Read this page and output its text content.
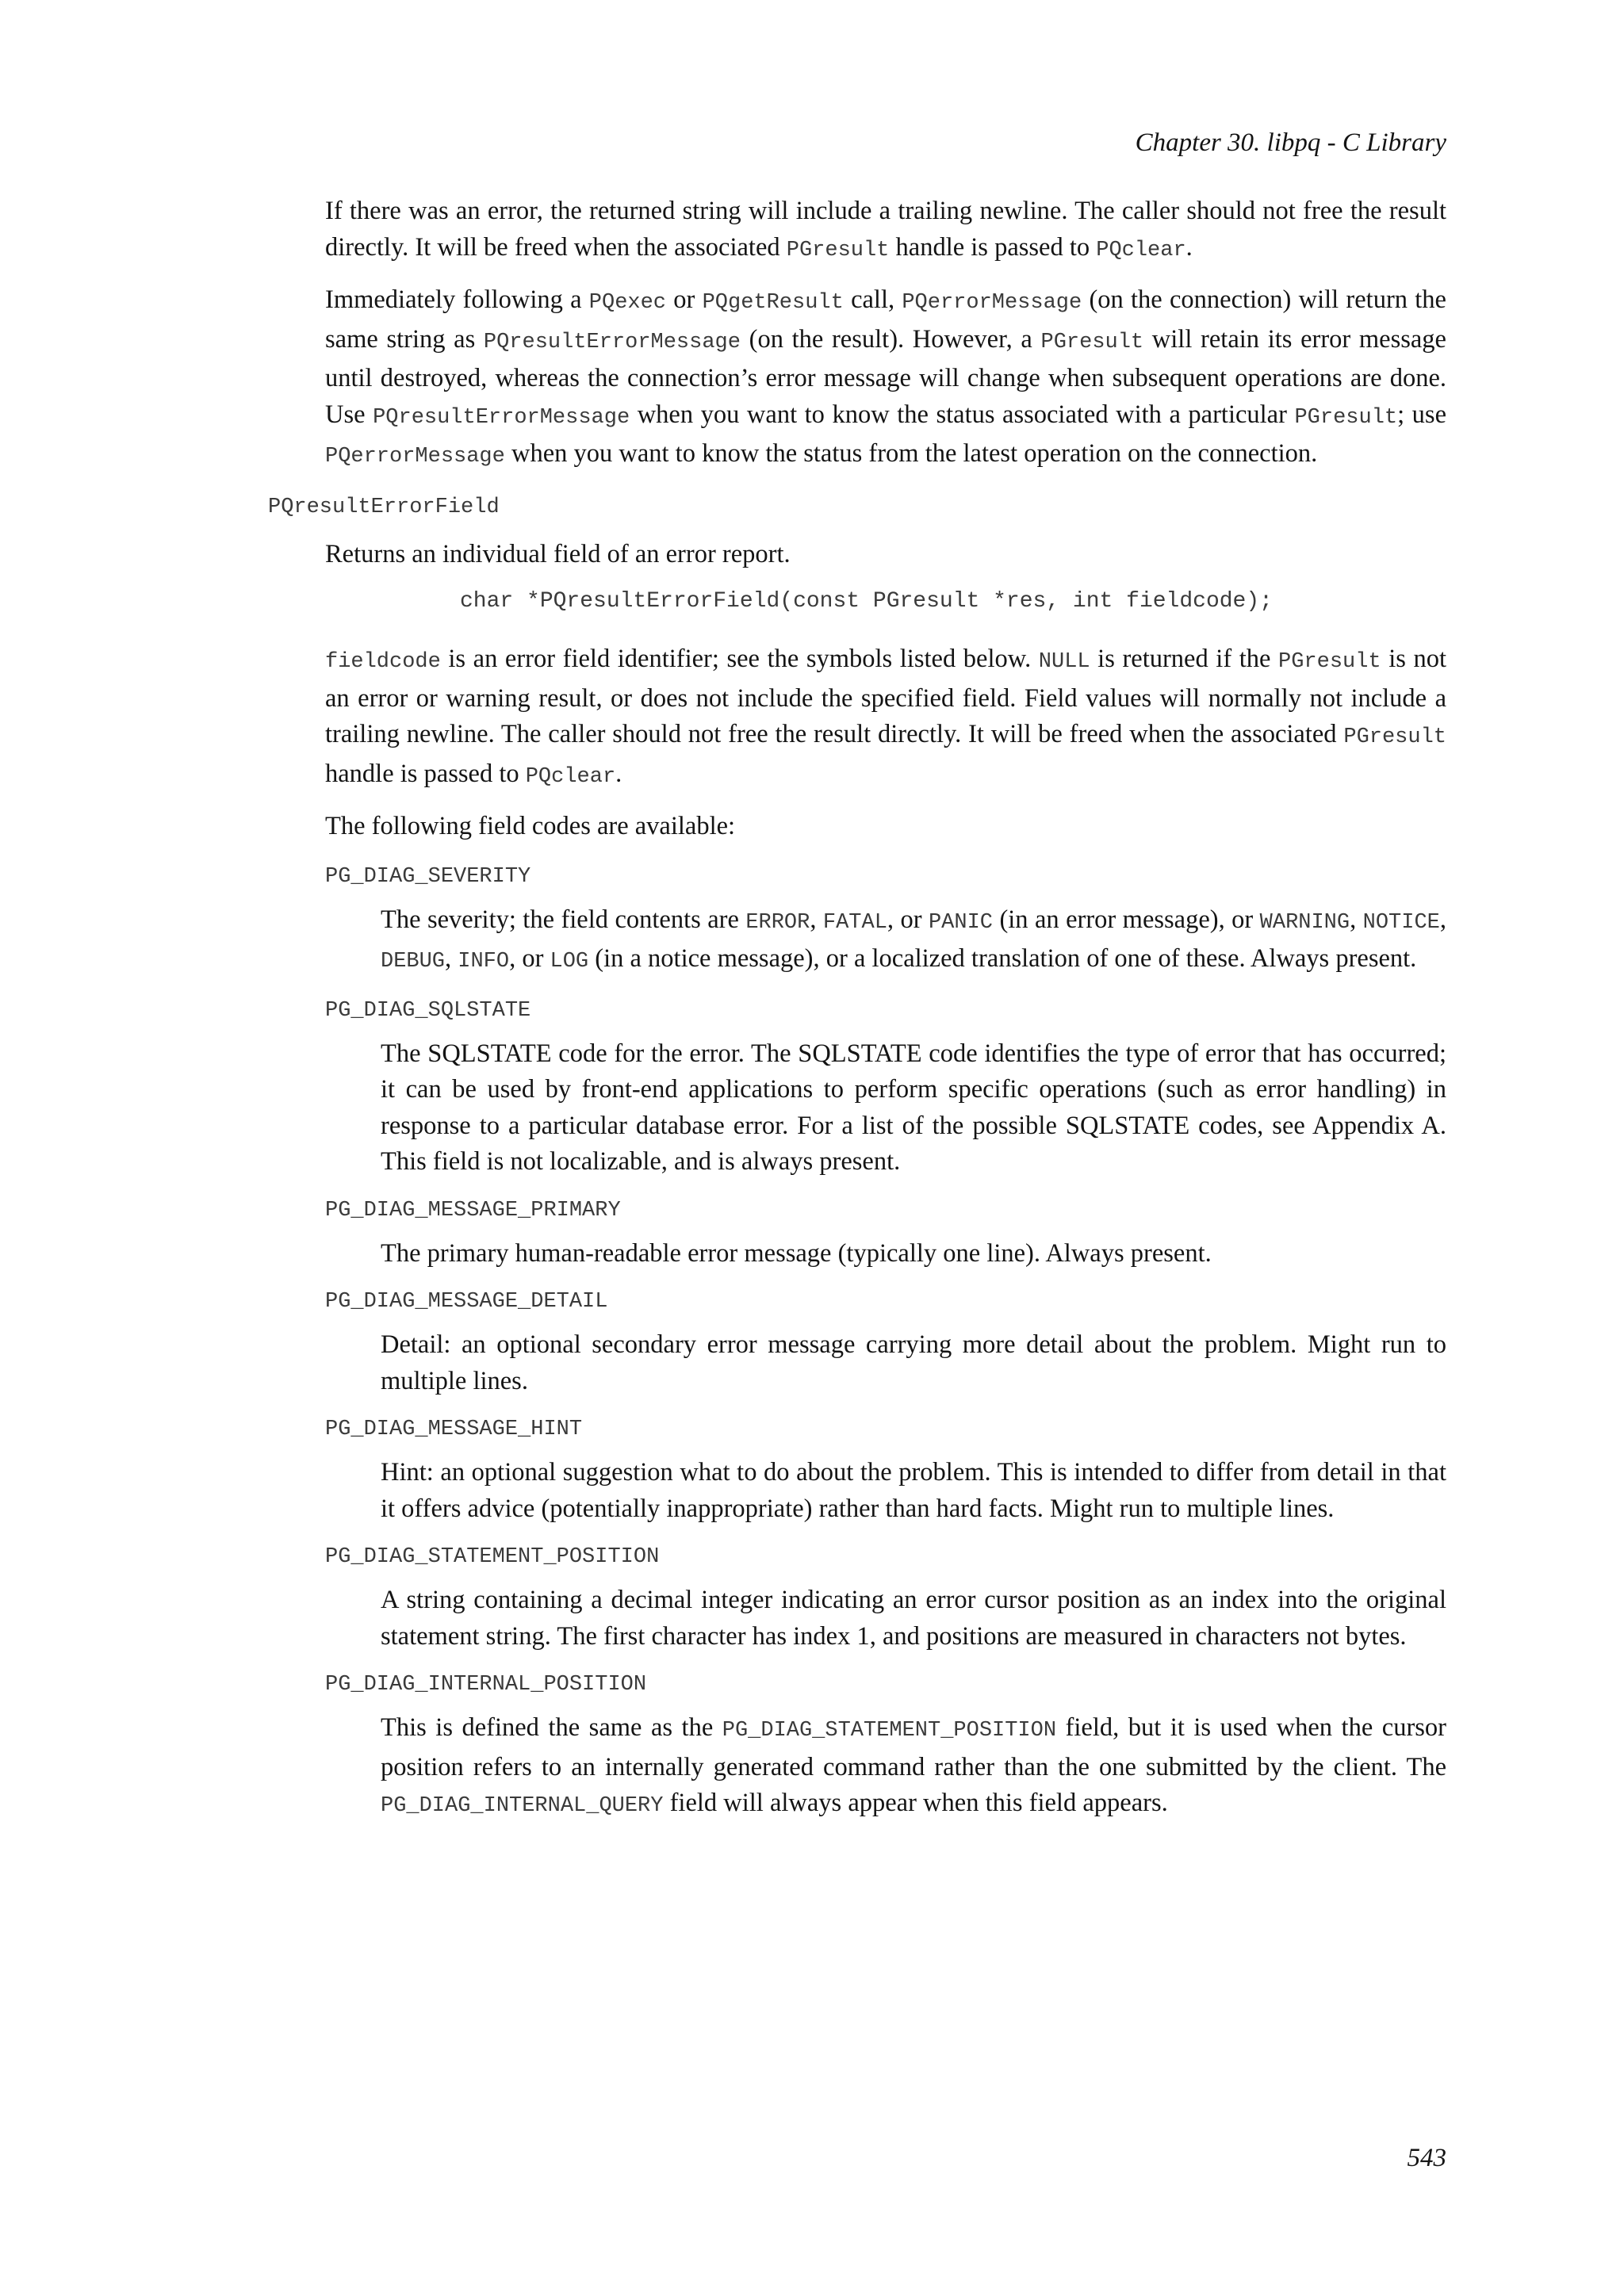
Chapter 30. libpq - C Library

If there was an error, the returned string will include a trailing newline. The caller should not free the result directly. It will be freed when the associated PGresult handle is passed to PQclear.

Immediately following a PQexec or PQgetResult call, PQerrorMessage (on the connection) will return the same string as PQresultErrorMessage (on the result). However, a PGresult will retain its error message until destroyed, whereas the connection’s error message will change when subsequent operations are done. Use PQresultErrorMessage when you want to know the status associated with a particular PGresult; use PQerrorMessage when you want to know the status from the latest operation on the connection.

PQresultErrorField

Returns an individual field of an error report.

char *PQresultErrorField(const PGresult *res, int fieldcode);

fieldcode is an error field identifier; see the symbols listed below. NULL is returned if the PGresult is not an error or warning result, or does not include the specified field. Field values will normally not include a trailing newline. The caller should not free the result directly. It will be freed when the associated PGresult handle is passed to PQclear.

The following field codes are available:

PG_DIAG_SEVERITY

The severity; the field contents are ERROR, FATAL, or PANIC (in an error message), or WARNING, NOTICE, DEBUG, INFO, or LOG (in a notice message), or a localized translation of one of these. Always present.

PG_DIAG_SQLSTATE

The SQLSTATE code for the error. The SQLSTATE code identifies the type of error that has occurred; it can be used by front-end applications to perform specific operations (such as error handling) in response to a particular database error. For a list of the possible SQLSTATE codes, see Appendix A. This field is not localizable, and is always present.

PG_DIAG_MESSAGE_PRIMARY

The primary human-readable error message (typically one line). Always present.

PG_DIAG_MESSAGE_DETAIL

Detail: an optional secondary error message carrying more detail about the problem. Might run to multiple lines.

PG_DIAG_MESSAGE_HINT

Hint: an optional suggestion what to do about the problem. This is intended to differ from detail in that it offers advice (potentially inappropriate) rather than hard facts. Might run to multiple lines.

PG_DIAG_STATEMENT_POSITION

A string containing a decimal integer indicating an error cursor position as an index into the original statement string. The first character has index 1, and positions are measured in characters not bytes.

PG_DIAG_INTERNAL_POSITION

This is defined the same as the PG_DIAG_STATEMENT_POSITION field, but it is used when the cursor position refers to an internally generated command rather than the one submitted by the client. The PG_DIAG_INTERNAL_QUERY field will always appear when this field appears.

543
